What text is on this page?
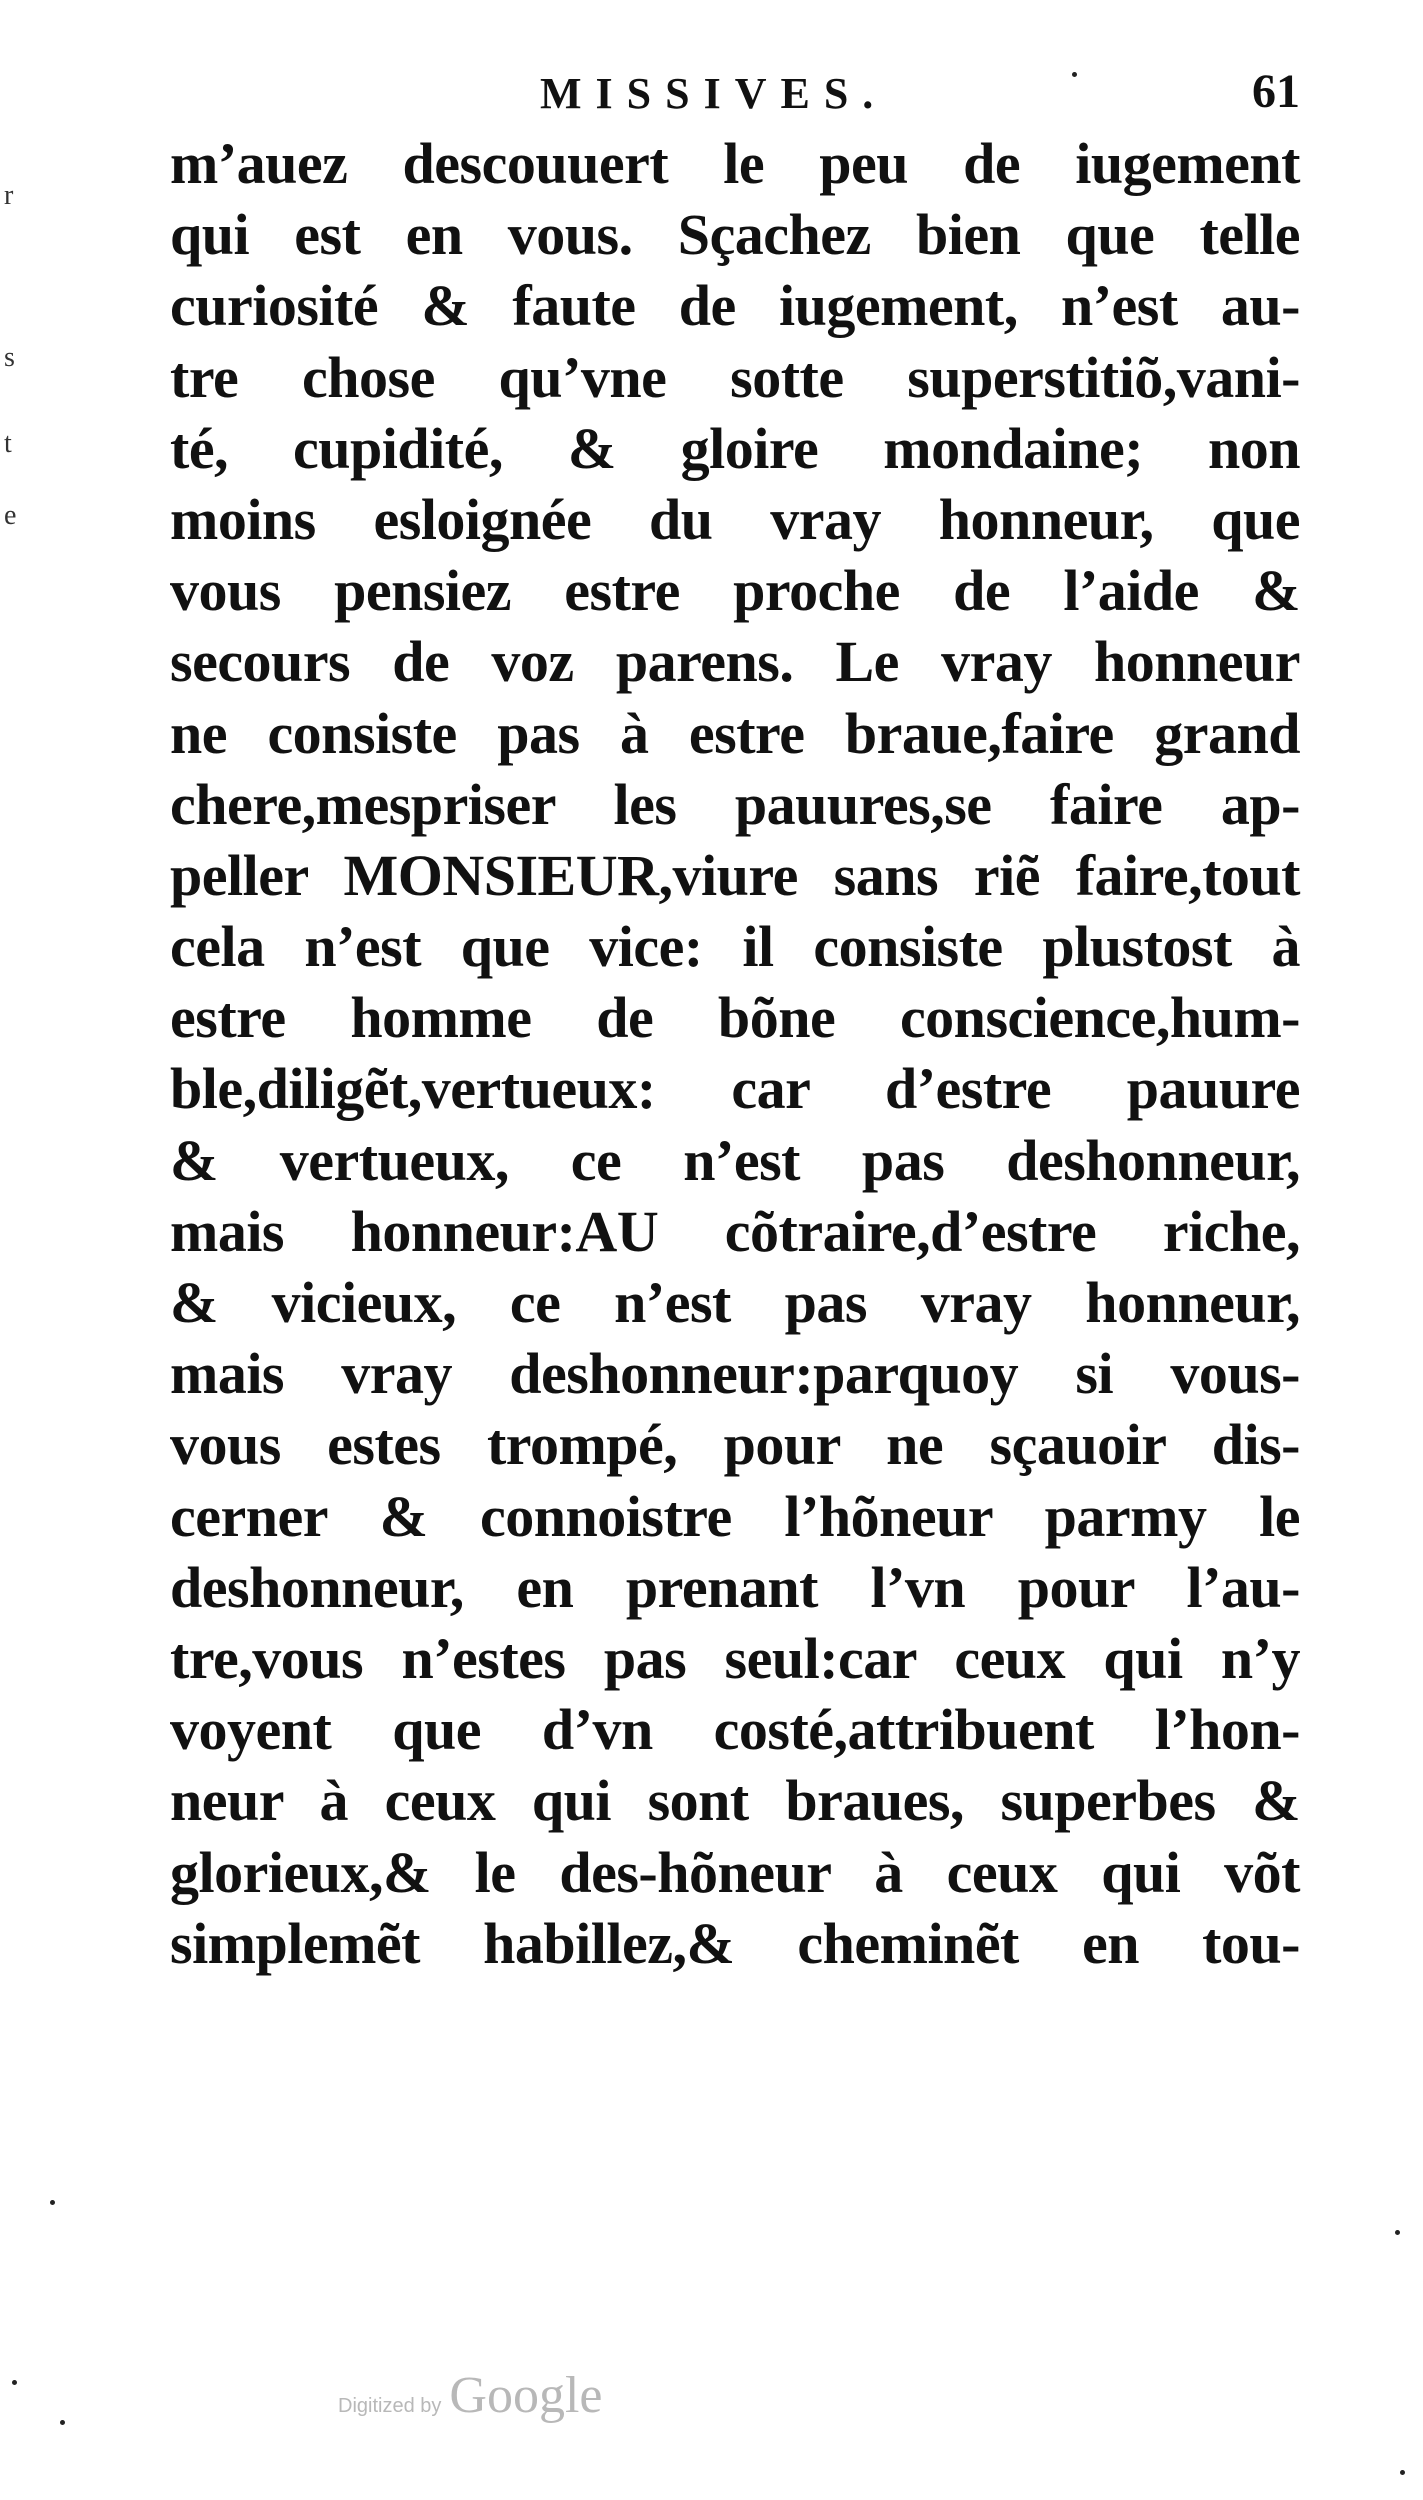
r
s
t
e
MISSIVES.	61
m’auez descouuert le peu de iugement
qui est en vous. Sçachez bien que telle
curiosité & faute de iugement, n’est au-
tre chose qu’vne sotte superstitiõ,vani-
té, cupidité, & gloire mondaine; non
moins esloignée du vray honneur, que
vous pensiez estre proche de l’aide &
secours de voz parens. Le vray honneur
ne consiste pas à estre braue,faire grand
chere,mespriser les pauures,se faire ap-
peller MONSIEUR,viure sans riẽ faire,tout
cela n’est que vice: il consiste plustost à
estre homme de bõne conscience,hum-
ble,diligẽt,vertueux: car d’estre pauure
& vertueux, ce n’est pas deshonneur,
mais honneur:AU cõtraire,d’estre riche,
& vicieux, ce n’est pas vray honneur,
mais vray deshonneur:parquoy si vous-
vous estes trompé, pour ne sçauoir dis-
cerner & connoistre l’hõneur parmy le
deshonneur, en prenant l’vn pour l’au-
tre,vous n’estes pas seul:car ceux qui n’y
voyent que d’vn costé,attribuent l’hon-
neur à ceux qui sont braues, superbes &
glorieux,& le des-hõneur à ceux qui võt
simplemẽt habillez,& cheminẽt en tou-
Digitized by Google
